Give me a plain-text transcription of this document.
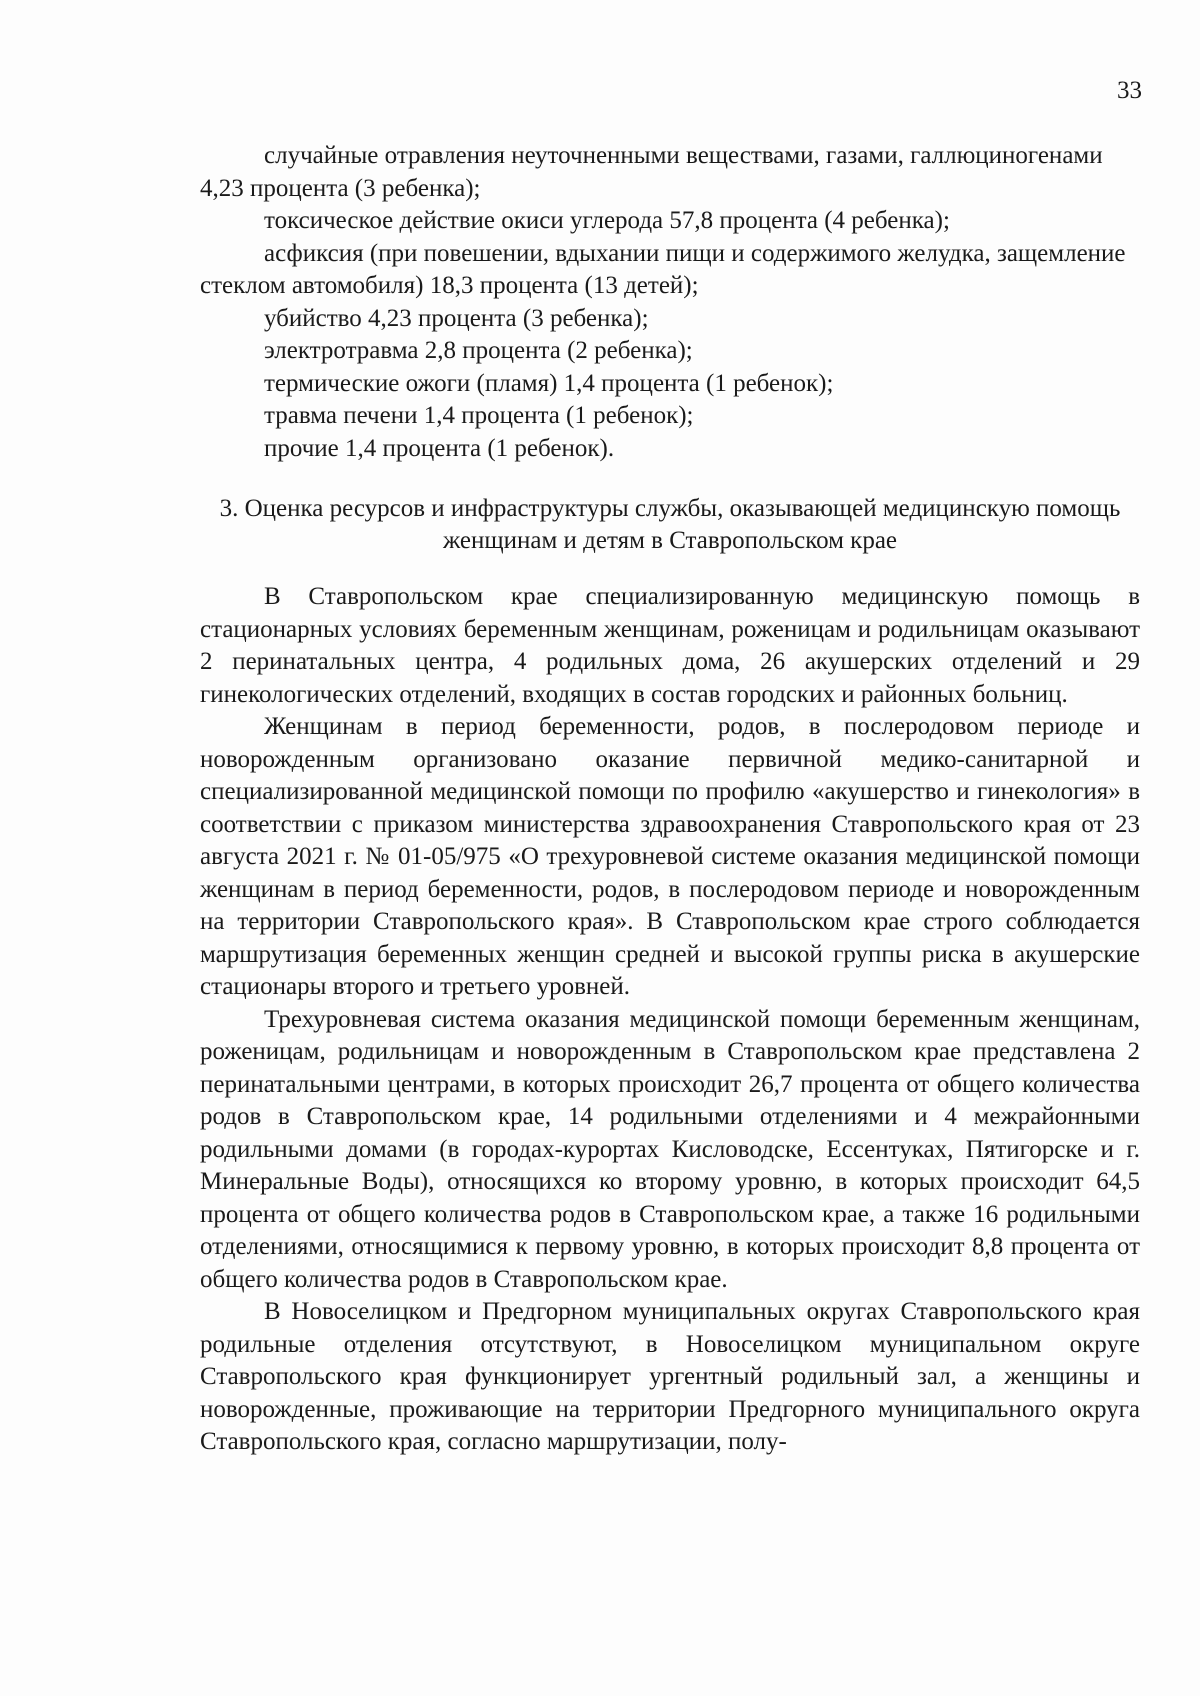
33

случайные отравления неуточненными веществами, газами, галлюциногенами 4,23 процента (3 ребенка);

токсическое действие окиси углерода 57,8 процента (4 ребенка);

асфиксия (при повешении, вдыхании пищи и содержимого желудка, защемление стеклом автомобиля) 18,3 процента (13 детей);

убийство 4,23 процента (3 ребенка);

электротравма 2,8 процента (2 ребенка);

термические ожоги (пламя) 1,4 процента (1 ребенок);

травма печени 1,4 процента (1 ребенок);

прочие 1,4 процента (1 ребенок).

3. Оценка ресурсов и инфраструктуры службы, оказывающей медицинскую помощь женщинам и детям в Ставропольском крае

В Ставропольском крае специализированную медицинскую помощь в стационарных условиях беременным женщинам, роженицам и родильницам оказывают 2 перинатальных центра, 4 родильных дома, 26 акушерских отделений и 29 гинекологических отделений, входящих в состав городских и районных больниц.

Женщинам в период беременности, родов, в послеродовом периоде и новорожденным организовано оказание первичной медико-санитарной и специализированной медицинской помощи по профилю «акушерство и гинекология» в соответствии с приказом министерства здравоохранения Ставропольского края от 23 августа 2021 г. № 01-05/975 «О трехуровневой системе оказания медицинской помощи женщинам в период беременности, родов, в послеродовом периоде и новорожденным на территории Ставропольского края». В Ставропольском крае строго соблюдается маршрутизация беременных женщин средней и высокой группы риска в акушерские стационары второго и третьего уровней.

Трехуровневая система оказания медицинской помощи беременным женщинам, роженицам, родильницам и новорожденным в Ставропольском крае представлена 2 перинатальными центрами, в которых происходит 26,7 процента от общего количества родов в Ставропольском крае, 14 родильными отделениями и 4 межрайонными родильными домами (в городах-курортах Кисловодске, Ессентуках, Пятигорске и г. Минеральные Воды), относящихся ко второму уровню, в которых происходит 64,5 процента от общего количества родов в Ставропольском крае, а также 16 родильными отделениями, относящимися к первому уровню, в которых происходит 8,8 процента от общего количества родов в Ставропольском крае.

В Новоселицком и Предгорном муниципальных округах Ставропольского края родильные отделения отсутствуют, в Новоселицком муниципальном округе Ставропольского края функционирует ургентный родильный зал, а женщины и новорожденные, проживающие на территории Предгорного муниципального округа Ставропольского края, согласно маршрутизации, полу-
